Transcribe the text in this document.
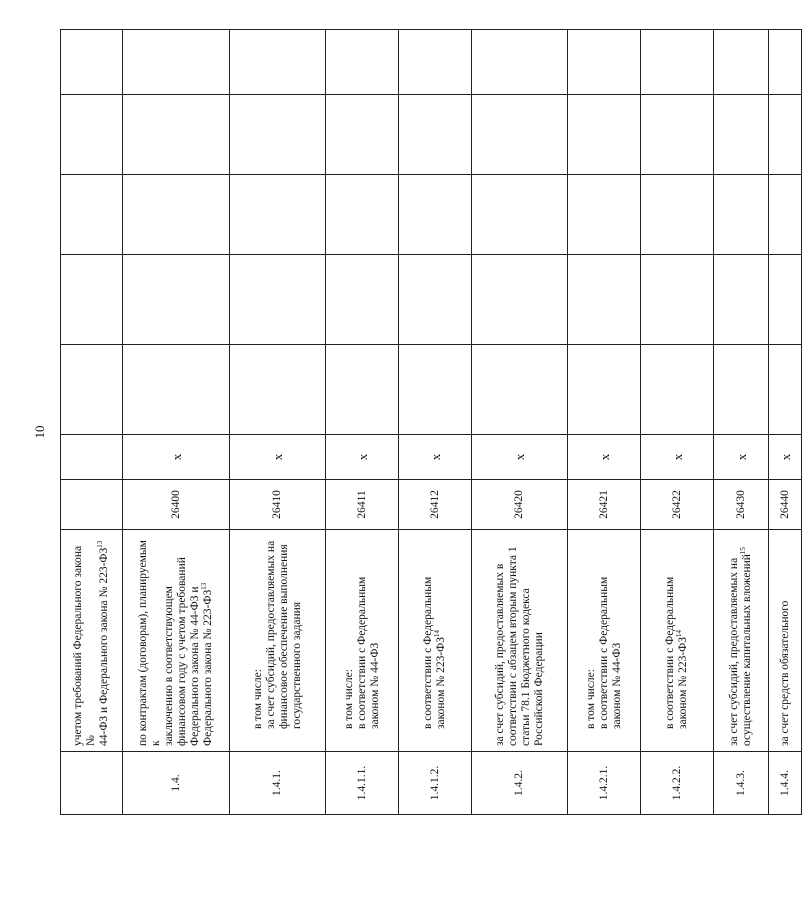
10
	учетом требований Федерального закона №
44-ФЗ и Федерального закона № 223-ФЗ$^{13}$							
1.4.	по контрактам (договорам), планируемым к
заключению в соответствующем
финансовом году с учетом требований
Федерального закона № 44-ФЗ и
Федерального закона № 223-ФЗ$^{13}$	26400	x					
1.4.1.	в том числе:
за счет субсидий, предоставляемых на
финансовое обеспечение выполнения
государственного задания	26410	x					
1.4.1.1.	в том числе:
в соответствии с Федеральным
законом № 44-ФЗ	26411	x					
1.4.1.2.	в соответствии с Федеральным
законом № 223-ФЗ$^{14}$	26412	x					
1.4.2.	за счет субсидий, предоставляемых в
соответствии с абзацем вторым пункта 1
статьи 78.1 Бюджетного кодекса
Российской Федерации	26420	x					
1.4.2.1.	в том числе:
в соответствии с Федеральным
законом № 44-ФЗ	26421	x					
1.4.2.2.	в соответствии с Федеральным
законом № 223-ФЗ$^{14}$	26422	x					
1.4.3.	за счет субсидий, предоставляемых на
осуществление капитальных вложений$^{15}$	26430	x					
1.4.4.	за счет средств обязательного	26440	x					
